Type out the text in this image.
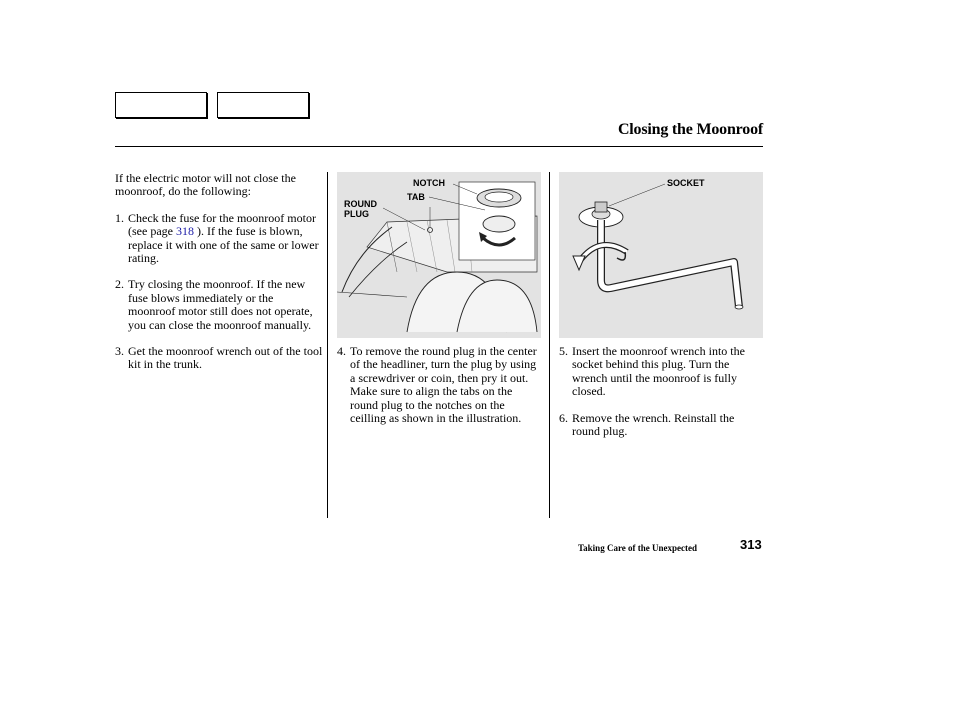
Closing the Moonroof

If the electric motor will not close the moonroof, do the following:

1. Check the fuse for the moonroof motor (see page 318 ). If the fuse is blown, replace it with one of the same or lower rating.
2. Try closing the moonroof. If the new fuse blows immediately or the moonroof motor still does not operate, you can close the moonroof manually.
3. Get the moonroof wrench out of the tool kit in the trunk.
NOTCH
TAB
ROUND
PLUG
SOCKET
4. To remove the round plug in the center of the headliner, turn the plug by using a screwdriver or coin, then pry it out. Make sure to align the tabs on the round plug to the notches on the ceilling as shown in the illustration.
5. Insert the moonroof wrench into the socket behind this plug. Turn the wrench until the moonroof is fully closed.
6. Remove the wrench. Reinstall the round plug.
Taking Care of the Unexpected	313
